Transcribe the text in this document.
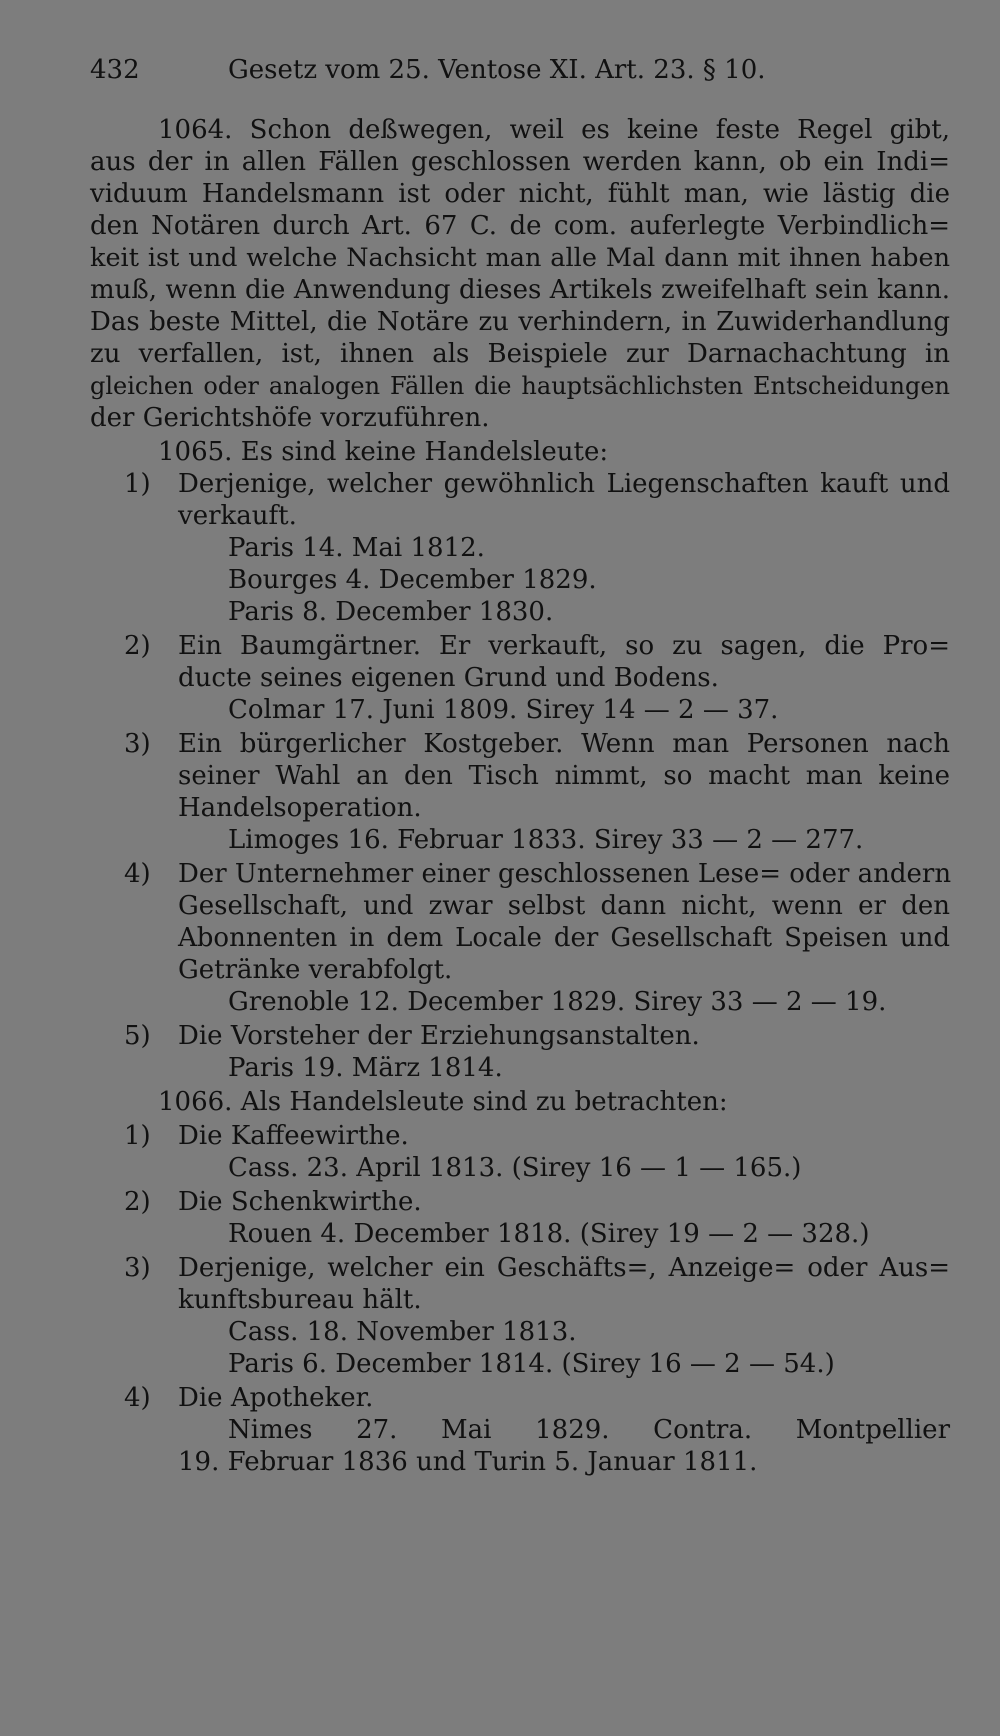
432	Gesetz vom 25. Ventose XI. Art. 23. § 10.
1064. Schon deßwegen, weil es keine feste Regel gibt,
aus der in allen Fällen geschlossen werden kann, ob ein Indi=
viduum Handelsmann ist oder nicht, fühlt man, wie lästig die
den Notären durch Art. 67 C. de com. auferlegte Verbindlich=
keit ist und welche Nachsicht man alle Mal dann mit ihnen haben
muß, wenn die Anwendung dieses Artikels zweifelhaft sein kann.
Das beste Mittel, die Notäre zu verhindern, in Zuwiderhandlung
zu verfallen, ist, ihnen als Beispiele zur Darnachachtung in
gleichen oder analogen Fällen die hauptsächlichsten Entscheidungen
der Gerichtshöfe vorzuführen.
1065. Es sind keine Handelsleute:
1)	Derjenige, welcher gewöhnlich Liegenschaften kauft und
verkauft.
Paris 14. Mai 1812.
Bourges 4. December 1829.
Paris 8. December 1830.
2)	Ein Baumgärtner. Er verkauft, so zu sagen, die Pro=
ducte seines eigenen Grund und Bodens.
Colmar 17. Juni 1809. Sirey 14 — 2 — 37.
3)	Ein bürgerlicher Kostgeber. Wenn man Personen nach
seiner Wahl an den Tisch nimmt, so macht man keine
Handelsoperation.
Limoges 16. Februar 1833. Sirey 33 — 2 — 277.
4)	Der Unternehmer einer geschlossenen Lese= oder andern
Gesellschaft, und zwar selbst dann nicht, wenn er den
Abonnenten in dem Locale der Gesellschaft Speisen und
Getränke verabfolgt.
Grenoble 12. December 1829. Sirey 33 — 2 — 19.
5)	Die Vorsteher der Erziehungsanstalten.
Paris 19. März 1814.
1066. Als Handelsleute sind zu betrachten:
1)	Die Kaffeewirthe.
Cass. 23. April 1813. (Sirey 16 — 1 — 165.)
2)	Die Schenkwirthe.
Rouen 4. December 1818. (Sirey 19 — 2 — 328.)
3)	Derjenige, welcher ein Geschäfts=, Anzeige= oder Aus=
kunftsbureau hält.
Cass. 18. November 1813.
Paris 6. December 1814. (Sirey 16 — 2 — 54.)
4)	Die Apotheker.
Nimes 27. Mai 1829. Contra. Montpellier
19. Februar 1836 und Turin 5. Januar 1811.
